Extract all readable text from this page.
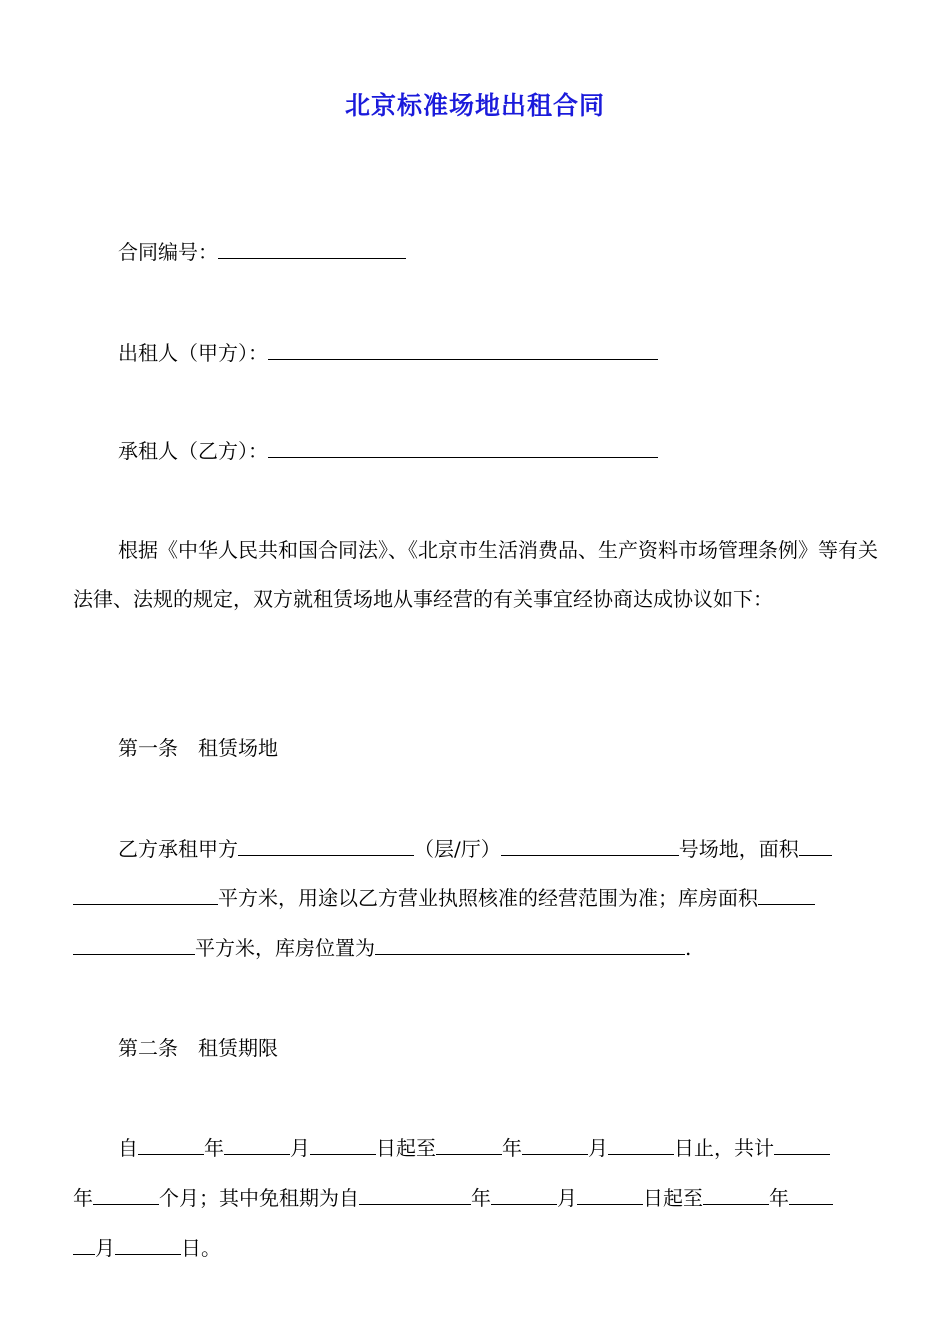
北京标准场地出租合同
合同编号：
出租人（甲方）：
承租人（乙方）：
根据《中华人民共和国合同法》、《北京市生活消费品、生产资料市场管理条例》等有关法律、法规的规定，双方就租赁场地从事经营的有关事宜经协商达成协议如下：
第一条　租赁场地
乙方承租甲方	（层/厅）	号场地，面积
平方米，用途以乙方营业执照核准的经营范围为准；库房面积
平方米，库房位置为	.
第二条　租赁期限
自	年	月	日起至	年	月	日止，共计
年	个月；其中免租期为自	年	月	日起至	年
月	日。
